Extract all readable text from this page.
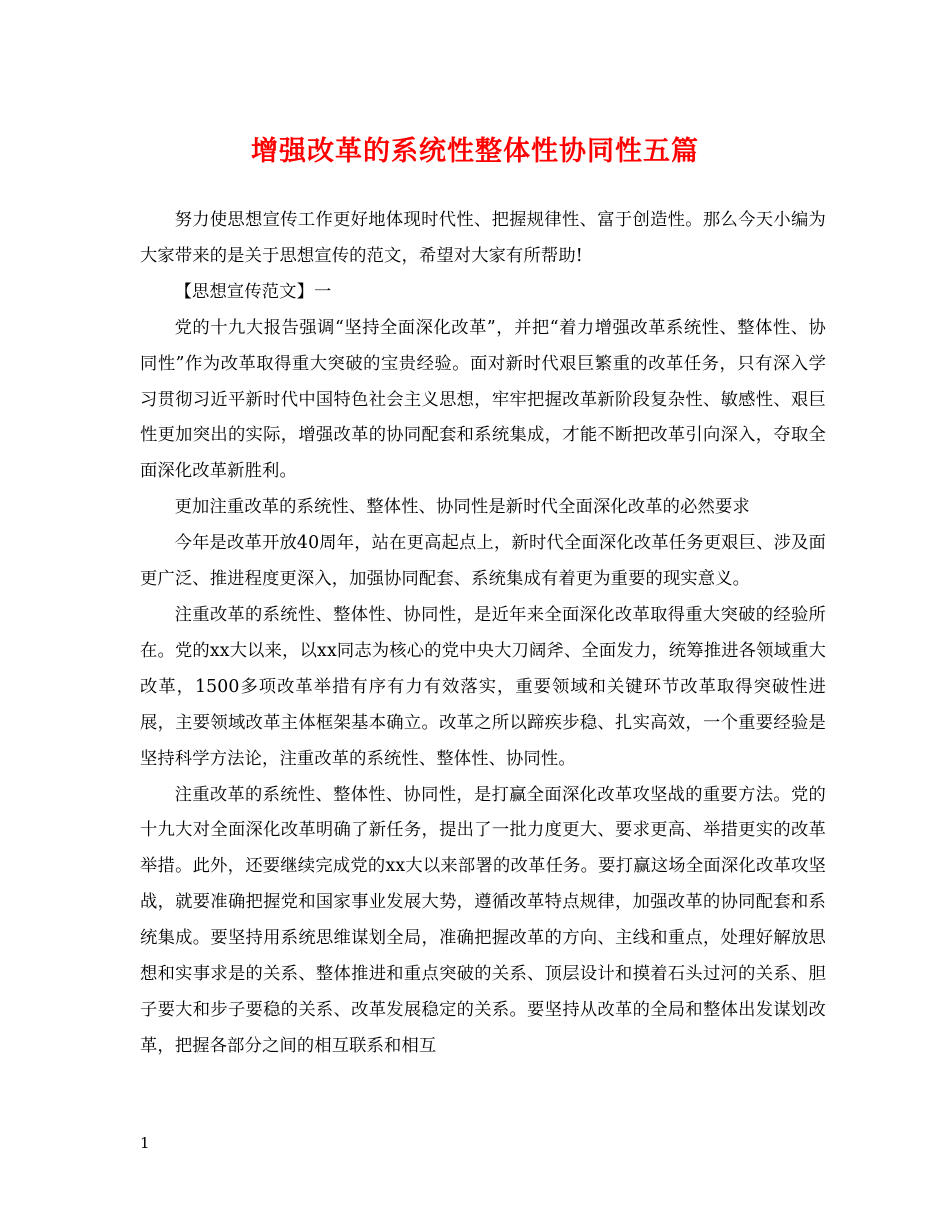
增强改革的系统性整体性协同性五篇

努力使思想宣传工作更好地体现时代性、把握规律性、富于创造性。那么今天小编为大家带来的是关于思想宣传的范文，希望对大家有所帮助!

【思想宣传范文】一

党的十九大报告强调“坚持全面深化改革”，并把“着力增强改革系统性、整体性、协同性”作为改革取得重大突破的宝贵经验。面对新时代艰巨繁重的改革任务，只有深入学习贯彻习近平新时代中国特色社会主义思想，牢牢把握改革新阶段复杂性、敏感性、艰巨性更加突出的实际，增强改革的协同配套和系统集成，才能不断把改革引向深入，夺取全面深化改革新胜利。

更加注重改革的系统性、整体性、协同性是新时代全面深化改革的必然要求

今年是改革开放40周年，站在更高起点上，新时代全面深化改革任务更艰巨、涉及面更广泛、推进程度更深入，加强协同配套、系统集成有着更为重要的现实意义。

注重改革的系统性、整体性、协同性，是近年来全面深化改革取得重大突破的经验所在。党的xx大以来，以xx同志为核心的党中央大刀阔斧、全面发力，统筹推进各领域重大改革，1500多项改革举措有序有力有效落实，重要领域和关键环节改革取得突破性进展，主要领域改革主体框架基本确立。改革之所以蹄疾步稳、扎实高效，一个重要经验是坚持科学方法论，注重改革的系统性、整体性、协同性。

注重改革的系统性、整体性、协同性，是打赢全面深化改革攻坚战的重要方法。党的十九大对全面深化改革明确了新任务，提出了一批力度更大、要求更高、举措更实的改革举措。此外，还要继续完成党的xx大以来部署的改革任务。要打赢这场全面深化改革攻坚战，就要准确把握党和国家事业发展大势，遵循改革特点规律，加强改革的协同配套和系统集成。要坚持用系统思维谋划全局，准确把握改革的方向、主线和重点，处理好解放思想和实事求是的关系、整体推进和重点突破的关系、顶层设计和摸着石头过河的关系、胆子要大和步子要稳的关系、改革发展稳定的关系。要坚持从改革的全局和整体出发谋划改革，把握各部分之间的相互联系和相互

1
